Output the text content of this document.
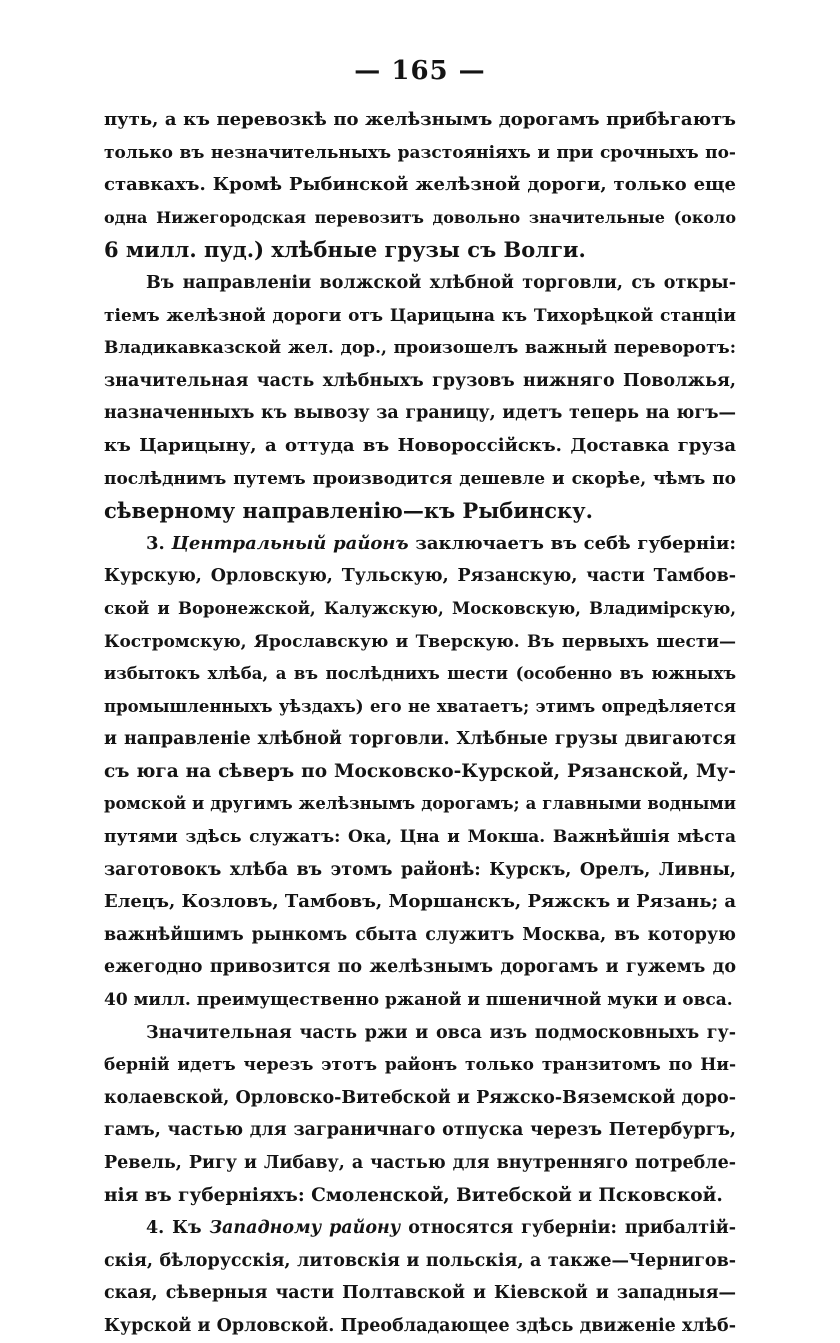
— 165 —
путь, а къ перевозкѣ по желѣзнымъ дорогамъ прибѣгаютъ
только въ незначительныхъ разстояніяхъ и при срочныхъ по-
ставкахъ. Кромѣ Рыбинской желѣзной дороги, только еще
одна Нижегородская перевозитъ довольно значительные (около
6 милл. пуд.) хлѣбные грузы съ Волги.
Въ направленіи волжской хлѣбной торговли, съ откры-
тіемъ желѣзной дороги отъ Царицына къ Тихорѣцкой станціи
Владикавказской жел. дор., произошелъ важный переворотъ:
значительная часть хлѣбныхъ грузовъ нижняго Поволжья,
назначенныхъ къ вывозу за границу, идетъ теперь на югъ—
къ Царицыну, а оттуда въ Новороссійскъ. Доставка груза
послѣднимъ путемъ производится дешевле и скорѣе, чѣмъ по
сѣверному направленію—къ Рыбинску.
3. Центральный районъ заключаетъ въ себѣ губерніи:
Курскую, Орловскую, Тульскую, Рязанскую, части Тамбов-
ской и Воронежской, Калужскую, Московскую, Владимірскую,
Костромскую, Ярославскую и Тверскую. Въ первыхъ шести—
избытокъ хлѣба, а въ послѣднихъ шести (особенно въ южныхъ
промышленныхъ уѣздахъ) его не хватаетъ; этимъ опредѣляется
и направленіе хлѣбной торговли. Хлѣбные грузы двигаются
съ юга на сѣверъ по Московско-Курской, Рязанской, Му-
ромской и другимъ желѣзнымъ дорогамъ; а главными водными
путями здѣсь служатъ: Ока, Цна и Мокша. Важнѣйшія мѣста
заготовокъ хлѣба въ этомъ районѣ: Курскъ, Орелъ, Ливны,
Елецъ, Козловъ, Тамбовъ, Моршанскъ, Ряжскъ и Рязань; а
важнѣйшимъ рынкомъ сбыта служитъ Москва, въ которую
ежегодно привозится по желѣзнымъ дорогамъ и гужемъ до
40 милл. преимущественно ржаной и пшеничной муки и овса.
Значительная часть ржи и овса изъ подмосковныхъ гу-
берній идетъ черезъ этотъ районъ только транзитомъ по Ни-
колаевской, Орловско-Витебской и Ряжско-Вяземской доро-
гамъ, частью для заграничнаго отпуска черезъ Петербургъ,
Ревель, Ригу и Либаву, а частью для внутренняго потребле-
нія въ губерніяхъ: Смоленской, Витебской и Псковской.
4. Къ Западному району относятся губерніи: прибалтій-
скія, бѣлорусскія, литовскія и польскія, а также—Чернигов-
ская, сѣверныя части Полтавской и Кіевской и западныя—
Курской и Орловской. Преобладающее здѣсь движеніе хлѣб-
